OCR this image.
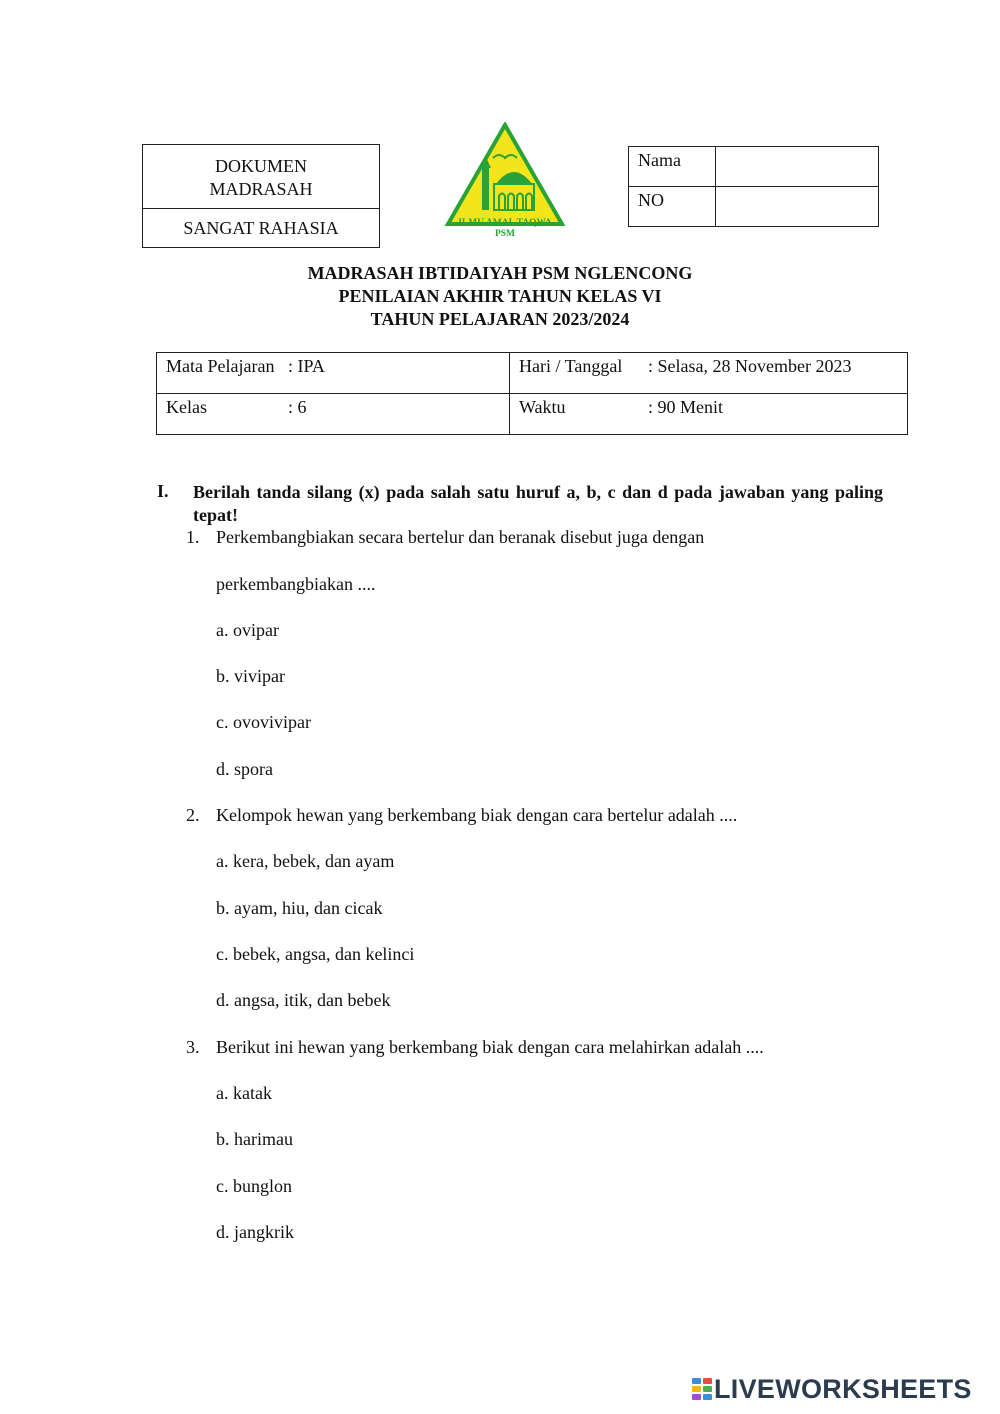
DOKUMEN
MADRASAH
SANGAT RAHASIA	ILMU AMAL TAQWA
PSM
Nama	
NO	
MADRASAH IBTIDAIYAH PSM NGLENCONG
PENILAIAN AKHIR TAHUN KELAS VI
TAHUN PELAJARAN 2023/2024
Mata Pelajaran : IPA	Hari / Tanggal : Selasa, 28 November 2023
Kelas : 6	Waktu : 90 Menit
I. Berilah tanda silang (x) pada salah satu huruf a, b, c dan d pada jawaban yang paling tepat!
1. Perkembangbiakan secara bertelur dan beranak disebut juga dengan
perkembangbiakan ....
a. ovipar
b. vivipar
c. ovovivipar
d. spora
2. Kelompok hewan yang berkembang biak dengan cara bertelur adalah ....
a. kera, bebek, dan ayam
b. ayam, hiu, dan cicak
c. bebek, angsa, dan kelinci
d. angsa, itik, dan bebek
3. Berikut ini hewan yang berkembang biak dengan cara melahirkan adalah ....
a. katak
b. harimau
c. bunglon
d. jangkrik
LIVEWORKSHEETS
